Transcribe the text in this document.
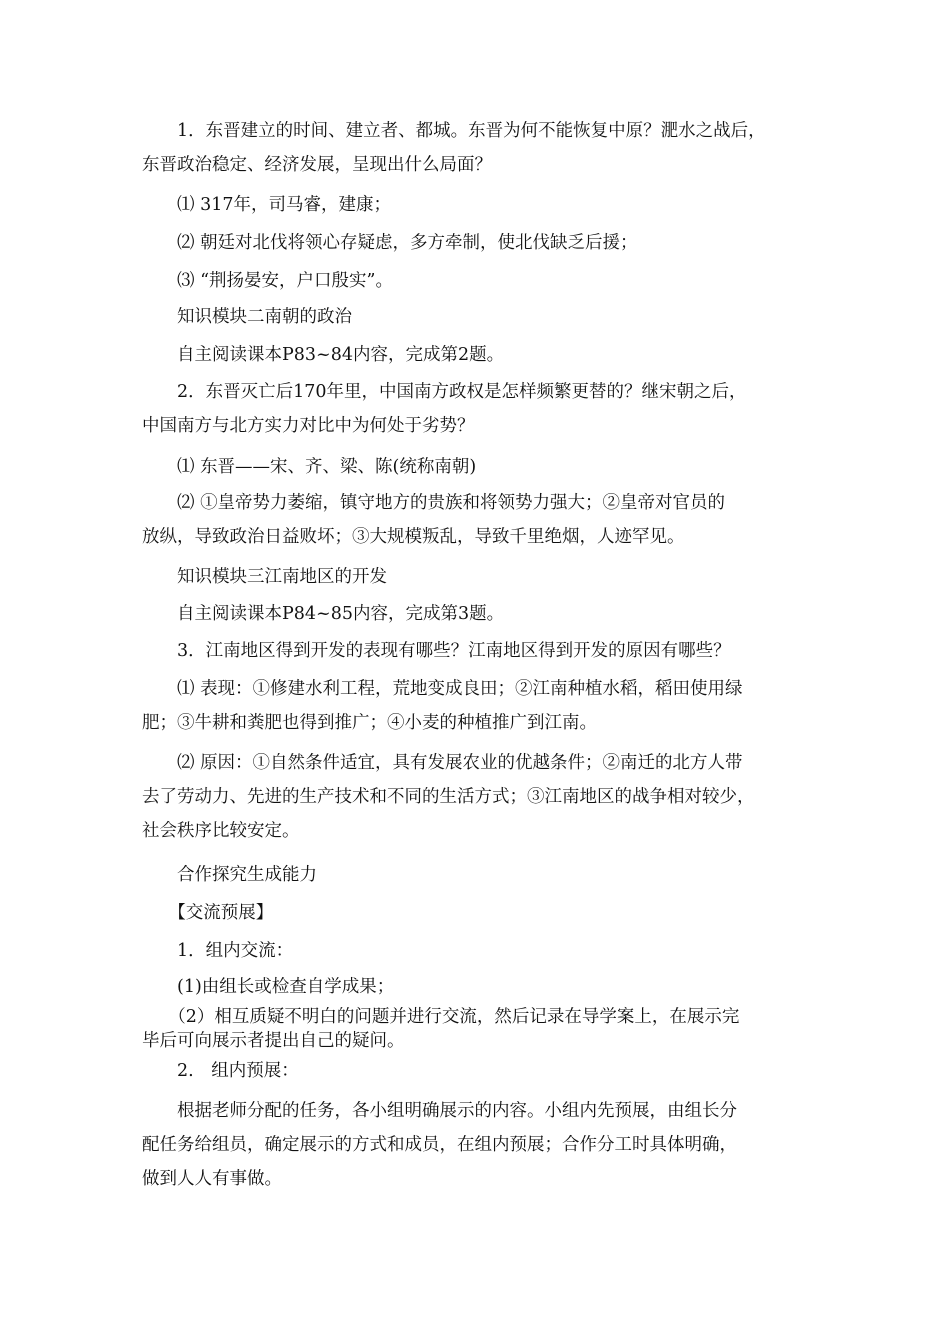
　　1．东晋建立的时间、建立者、都城。东晋为何不能恢复中原？淝水之战后，
东晋政治稳定、经济发展，呈现出什么局面？
　　⑴ 317年，司马睿，建康；
　　⑵ 朝廷对北伐将领心存疑虑，多方牵制，使北伐缺乏后援；
　　⑶ “荆扬晏安，户口殷实”。
　　知识模块二南朝的政治
　　自主阅读课本P83~84内容，完成第2题。
　　2．东晋灭亡后170年里，中国南方政权是怎样频繁更替的？继宋朝之后，
中国南方与北方实力对比中为何处于劣势？
　　⑴ 东晋——宋、齐、梁、陈(统称南朝)
　　⑵ ①皇帝势力萎缩，镇守地方的贵族和将领势力强大；②皇帝对官员的
放纵，导致政治日益败坏；③大规模叛乱，导致千里绝烟，人迹罕见。
　　知识模块三江南地区的开发
　　自主阅读课本P84~85内容，完成第3题。
　　3．江南地区得到开发的表现有哪些？江南地区得到开发的原因有哪些？
　　⑴ 表现：①修建水利工程，荒地变成良田；②江南种植水稻，稻田使用绿
肥；③牛耕和粪肥也得到推广；④小麦的种植推广到江南。
　　⑵ 原因：①自然条件适宜，具有发展农业的优越条件；②南迁的北方人带
去了劳动力、先进的生产技术和不同的生活方式；③江南地区的战争相对较少，
社会秩序比较安定。
　　合作探究生成能力
　　【交流预展】
　　1．组内交流：
　　(1)由组长或检查自学成果；
　　（2）相互质疑不明白的问题并进行交流，然后记录在导学案上，在展示完
毕后可向展示者提出自己的疑问。
　　2.　组内预展：
　　根据老师分配的任务，各小组明确展示的内容。小组内先预展，由组长分
配任务给组员，确定展示的方式和成员，在组内预展；合作分工时具体明确，
做到人人有事做。
